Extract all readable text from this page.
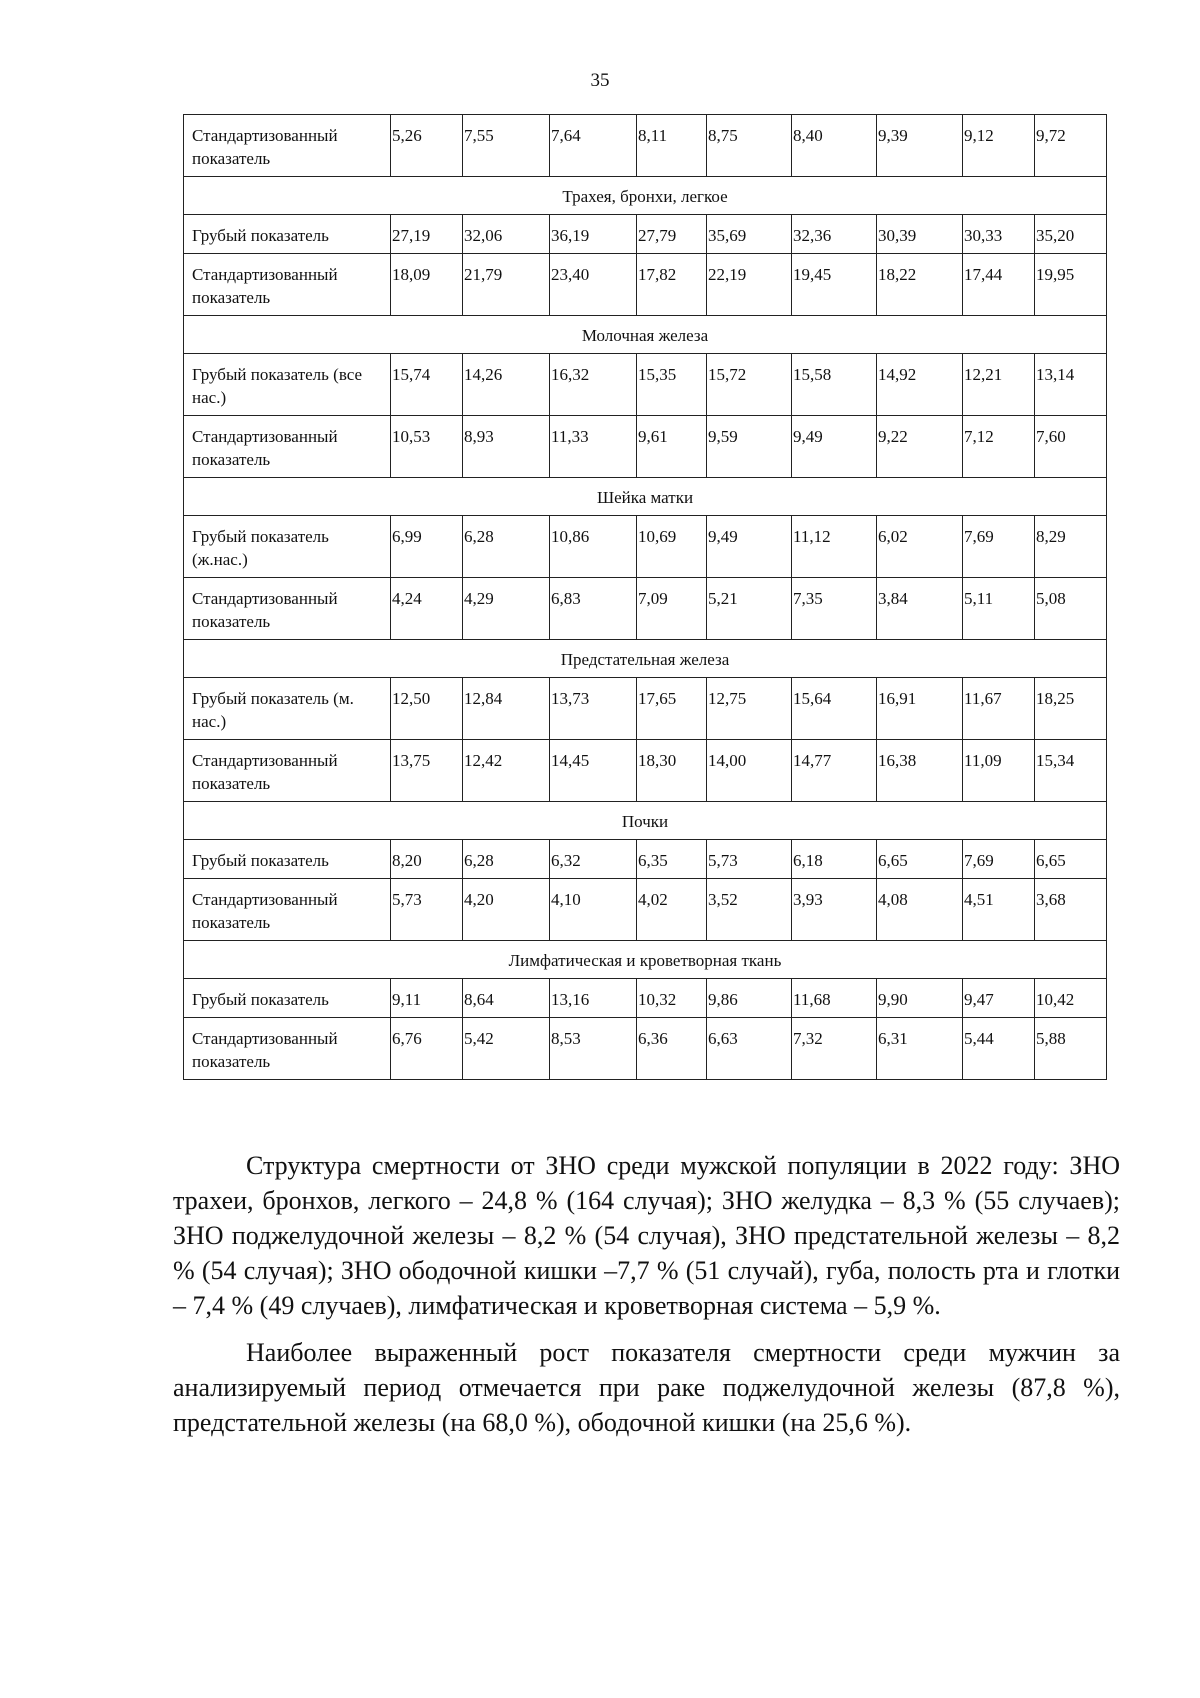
35
Стандартизованный показатель	5,26	7,55	7,64	8,11	8,75	8,40	9,39	9,12	9,72
Трахея, бронхи, легкое									
Грубый показатель	27,19	32,06	36,19	27,79	35,69	32,36	30,39	30,33	35,20
Стандартизованный показатель	18,09	21,79	23,40	17,82	22,19	19,45	18,22	17,44	19,95
Молочная железа									
Грубый показатель (все нас.)	15,74	14,26	16,32	15,35	15,72	15,58	14,92	12,21	13,14
Стандартизованный показатель	10,53	8,93	11,33	9,61	9,59	9,49	9,22	7,12	7,60
Шейка матки									
Грубый показатель (ж.нас.)	6,99	6,28	10,86	10,69	9,49	11,12	6,02	7,69	8,29
Стандартизованный показатель	4,24	4,29	6,83	7,09	5,21	7,35	3,84	5,11	5,08
Предстательная железа									
Грубый показатель (м. нас.)	12,50	12,84	13,73	17,65	12,75	15,64	16,91	11,67	18,25
Стандартизованный показатель	13,75	12,42	14,45	18,30	14,00	14,77	16,38	11,09	15,34
Почки									
Грубый показатель	8,20	6,28	6,32	6,35	5,73	6,18	6,65	7,69	6,65
Стандартизованный показатель	5,73	4,20	4,10	4,02	3,52	3,93	4,08	4,51	3,68
Лимфатическая и кроветворная ткань									
Грубый показатель	9,11	8,64	13,16	10,32	9,86	11,68	9,90	9,47	10,42
Стандартизованный показатель	6,76	5,42	8,53	6,36	6,63	7,32	6,31	5,44	5,88

Структура смертности от ЗНО среди мужской популяции в 2022 году: ЗНО трахеи, бронхов, легкого – 24,8 % (164 случая); ЗНО желудка – 8,3 % (55 случаев); ЗНО поджелудочной железы – 8,2 % (54 случая), ЗНО предстательной железы – 8,2 % (54 случая); ЗНО ободочной кишки –7,7 % (51 случай), губа, полость рта и глотки – 7,4 % (49 случаев), лимфатическая и кроветворная система – 5,9 %.

Наиболее выраженный рост показателя смертности среди мужчин за анализируемый период отмечается при раке поджелудочной железы (87,8 %), предстательной железы (на 68,0 %), ободочной кишки (на 25,6 %).
